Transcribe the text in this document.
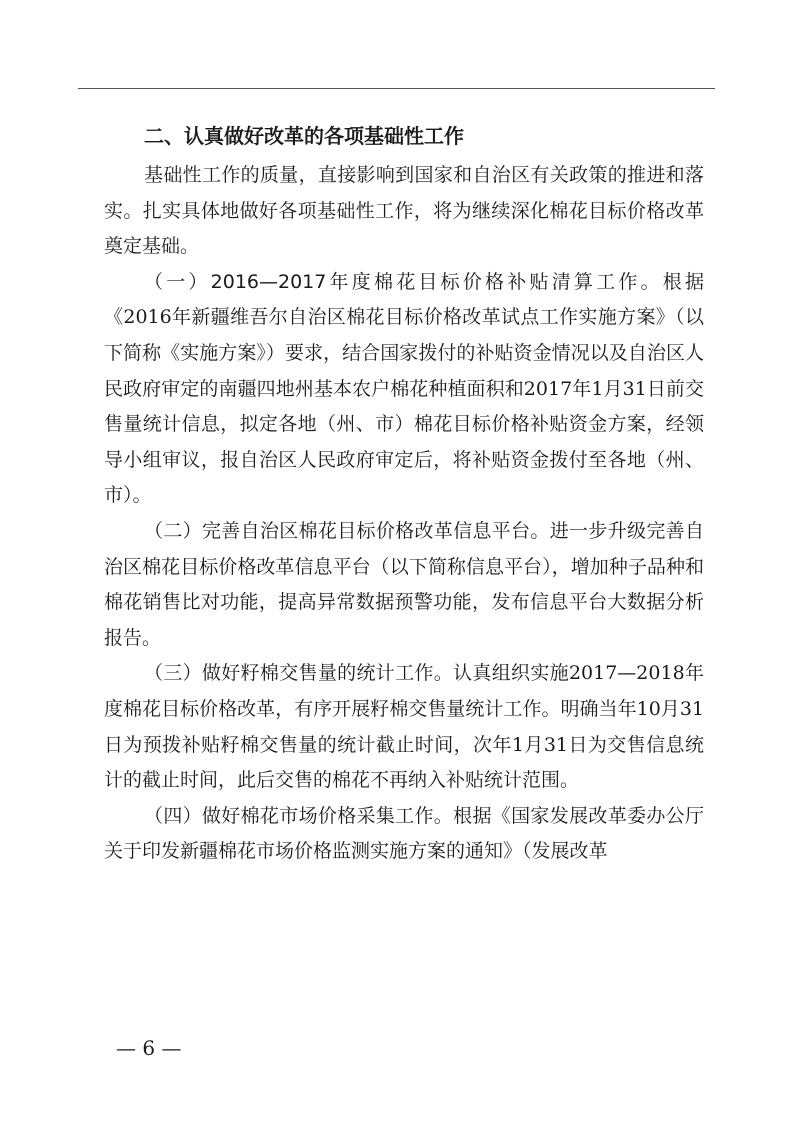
二、认真做好改革的各项基础性工作

基础性工作的质量，直接影响到国家和自治区有关政策的推进和落实。扎实具体地做好各项基础性工作，将为继续深化棉花目标价格改革奠定基础。

（一）2016—2017年度棉花目标价格补贴清算工作。根据《2016年新疆维吾尔自治区棉花目标价格改革试点工作实施方案》（以下简称《实施方案》）要求，结合国家拨付的补贴资金情况以及自治区人民政府审定的南疆四地州基本农户棉花种植面积和2017年1月31日前交售量统计信息，拟定各地（州、市）棉花目标价格补贴资金方案，经领导小组审议，报自治区人民政府审定后，将补贴资金拨付至各地（州、市）。

（二）完善自治区棉花目标价格改革信息平台。进一步升级完善自治区棉花目标价格改革信息平台（以下简称信息平台），增加种子品种和棉花销售比对功能，提高异常数据预警功能，发布信息平台大数据分析报告。

（三）做好籽棉交售量的统计工作。认真组织实施2017—2018年度棉花目标价格改革，有序开展籽棉交售量统计工作。明确当年10月31日为预拨补贴籽棉交售量的统计截止时间，次年1月31日为交售信息统计的截止时间，此后交售的棉花不再纳入补贴统计范围。

（四）做好棉花市场价格采集工作。根据《国家发展改革委办公厅关于印发新疆棉花市场价格监测实施方案的通知》（发展改革

— 6 —
